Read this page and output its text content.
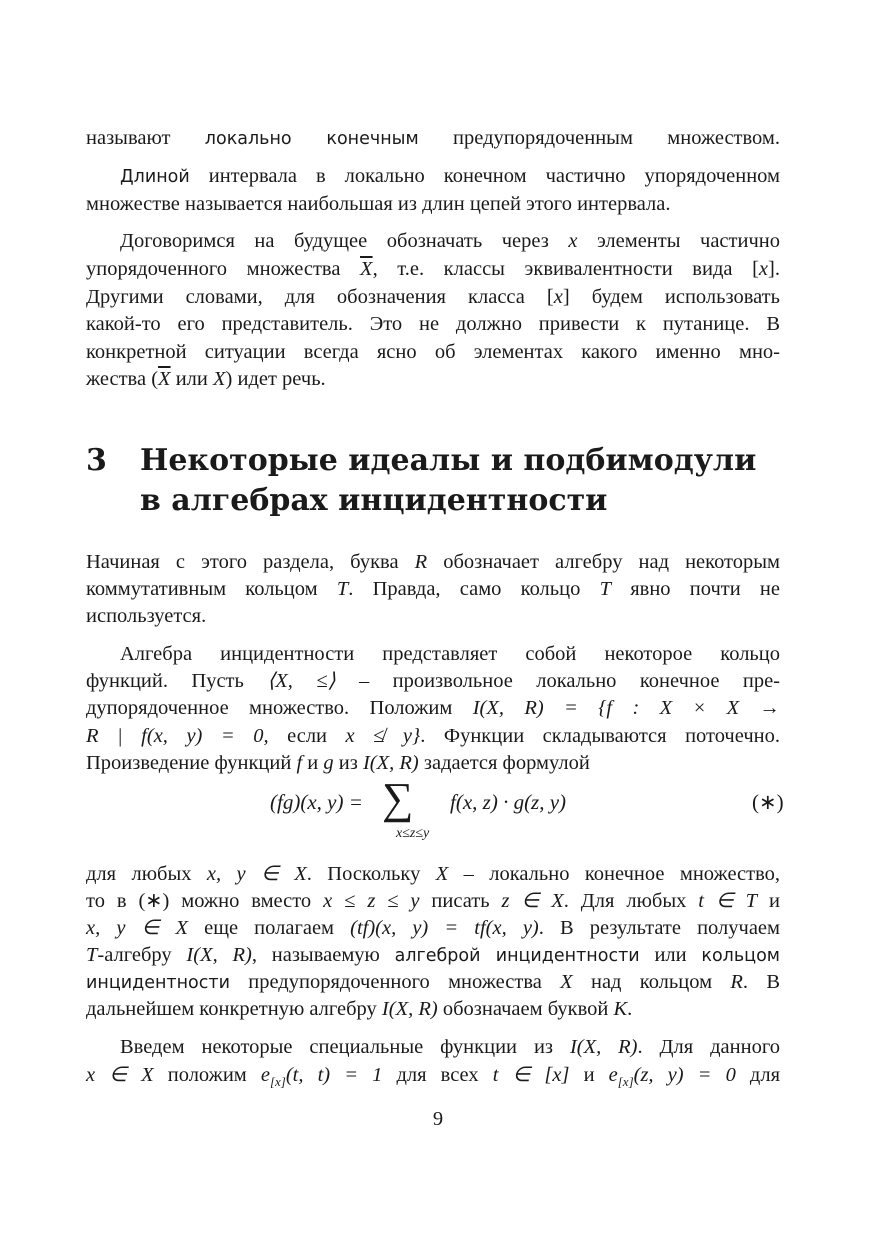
называют локально конечным предупорядоченным множеством.
Длиной интервала в локально конечном частично упорядоченном
множестве называется наибольшая из длин цепей этого интервала.
Договоримся на будущее обозначать через x элементы частично
упорядоченного множества $\overline{X}$, т.е. классы эквивалентности вида [x].
Другими словами, для обозначения класса [x] будем использовать
какой-то его представитель. Это не должно привести к путанице. В
конкретной ситуации всегда ясно об элементах какого именно мно-
жества ($\overline{X}$ или X) идет речь.
3 Некоторые идеалы и подбимодули
в алгебрах инцидентности
Начиная с этого раздела, буква R обозначает алгебру над некоторым
коммутативным кольцом T. Правда, само кольцо T явно почти не
используется.
Алгебра инцидентности представляет собой некоторое кольцо
функций. Пусть ⟨X, ≤⟩ – произвольное локально конечное пре-
дупорядоченное множество. Положим I(X, R) = {f : X × X →
R | f(x, y) = 0, если x ≰ y}. Функции складываются поточечно.
Произведение функций f и g из I(X, R) задается формулой
(fg)(x, y) = ∑
x≤z≤y
f(x, z) · g(z, y)	(∗)
для любых x, y ∈ X. Поскольку X – локально конечное множество,
то в (∗) можно вместо x ≤ z ≤ y писать z ∈ X. Для любых t ∈ T и
x, y ∈ X еще полагаем (tf)(x, y) = tf(x, y). В результате получаем
T-алгебру I(X, R), называемую алгеброй инцидентности или кольцом
инцидентности предупорядоченного множества X над кольцом R. В
дальнейшем конкретную алгебру I(X, R) обозначаем буквой K.
Введем некоторые специальные функции из I(X, R). Для данного
x ∈ X положим $e_{[x]}(t$, t) = 1 для всех t ∈ [x] и $e_{[x]}(z$, y) = 0 для
9
